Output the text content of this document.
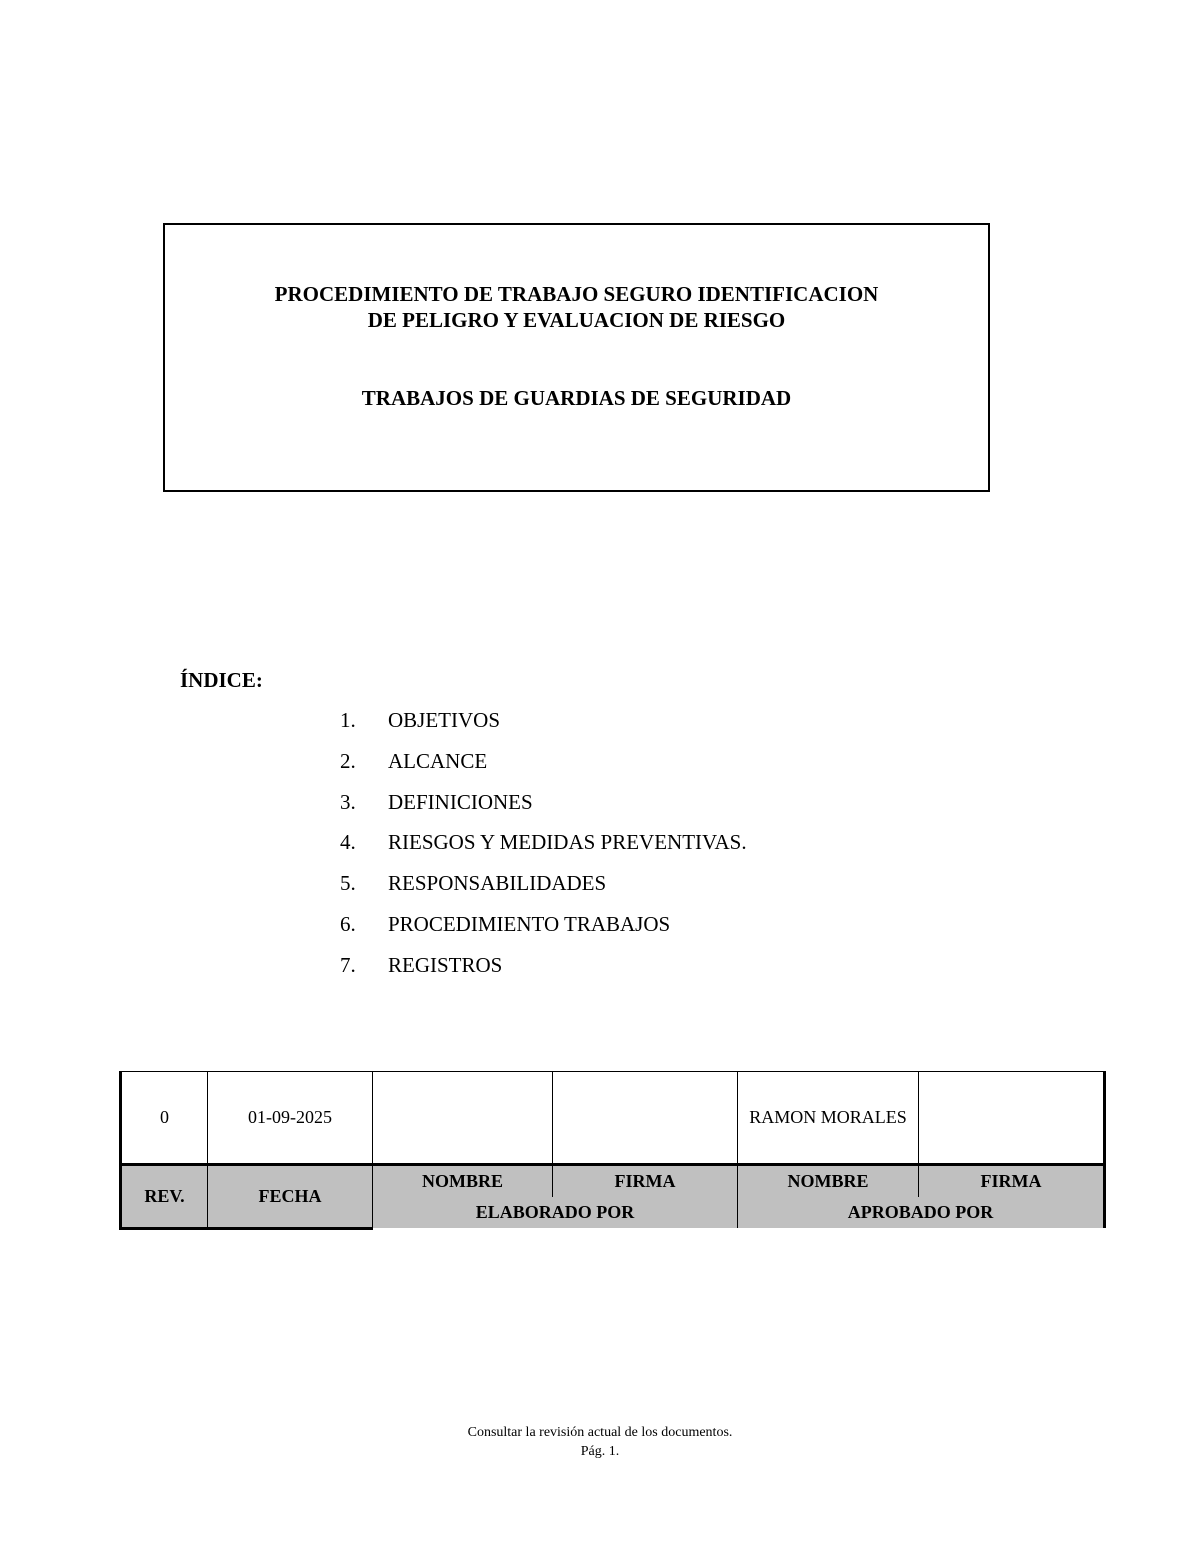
PROCEDIMIENTO DE TRABAJO SEGURO IDENTIFICACION
DE PELIGRO Y EVALUACION DE RIESGO
TRABAJOS DE GUARDIAS DE SEGURIDAD
ÍNDICE:
1.	OBJETIVOS
2.	ALCANCE
3.	DEFINICIONES
4.	RIESGOS Y MEDIDAS PREVENTIVAS.
5.	RESPONSABILIDADES
6.	PROCEDIMIENTO TRABAJOS
7.	REGISTROS
0	01-09-2025			RAMON MORALES	
REV.	FECHA	NOMBRE	FIRMA	NOMBRE	FIRMA
		ELABORADO POR		APROBADO POR	
Consultar la revisión actual de los documentos.
Pág. 1.
